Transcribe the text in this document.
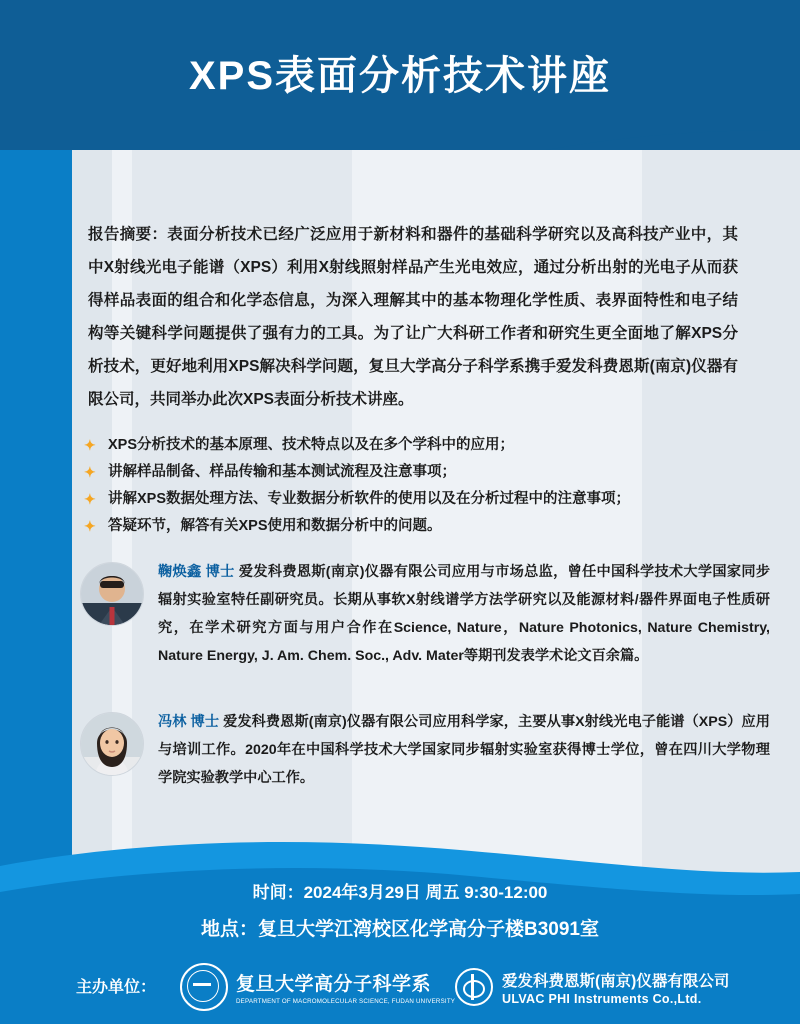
XPS表面分析技术讲座
报告摘要：表面分析技术已经广泛应用于新材料和器件的基础科学研究以及高科技产业中，其中X射线光电子能谱（XPS）利用X射线照射样品产生光电效应，通过分析出射的光电子从而获得样品表面的组合和化学态信息，为深入理解其中的基本物理化学性质、表界面特性和电子结构等关键科学问题提供了强有力的工具。为了让广大科研工作者和研究生更全面地了解XPS分析技术，更好地利用XPS解决科学问题，复旦大学高分子科学系携手爱发科费恩斯(南京)仪器有限公司，共同举办此次XPS表面分析技术讲座。
✦ XPS分析技术的基本原理、技术特点以及在多个学科中的应用；
✦ 讲解样品制备、样品传输和基本测试流程及注意事项；
✦ 讲解XPS数据处理方法、专业数据分析软件的使用以及在分析过程中的注意事项；
✦ 答疑环节，解答有关XPS使用和数据分析中的问题。
鞠焕鑫 博士 爱发科费恩斯(南京)仪器有限公司应用与市场总监，曾任中国科学技术大学国家同步辐射实验室特任副研究员。长期从事软X射线谱学方法学研究以及能源材料/器件界面电子性质研究，在学术研究方面与用户合作在Science, Nature，Nature Photonics, Nature Chemistry, Nature Energy, J. Am. Chem. Soc., Adv. Mater等期刊发表学术论文百余篇。
冯林 博士 爱发科费恩斯(南京)仪器有限公司应用科学家，主要从事X射线光电子能谱（XPS）应用与培训工作。2020年在中国科学技术大学国家同步辐射实验室获得博士学位，曾在四川大学物理学院实验教学中心工作。
时间：2024年3月29日 周五 9:30-12:00
地点：复旦大学江湾校区化学高分子楼B3091室
主办单位：	复旦大学高分子科学系
DEPARTMENT OF MACROMOLECULAR SCIENCE, FUDAN UNIVERSITY
爱发科费恩斯(南京)仪器有限公司
ULVAC PHI Instruments Co.,Ltd.
